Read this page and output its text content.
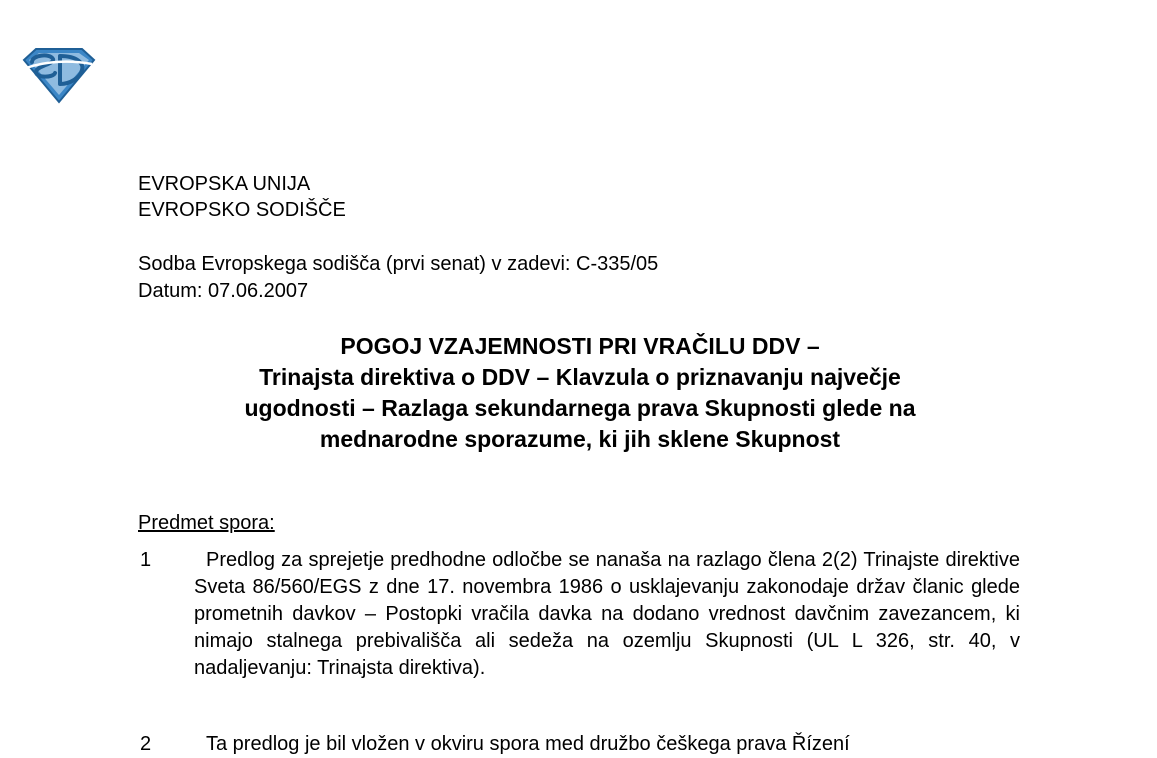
EVROPSKA UNIJA
EVROPSKO SODIŠČE
Sodba Evropskega sodišča (prvi senat) v zadevi: C-335/05
Datum: 07.06.2007
POGOJ VZAJEMNOSTI PRI VRAČILU DDV –
Trinajsta direktiva o DDV – Klavzula o priznavanju največje
ugodnosti – Razlaga sekundarnega prava Skupnosti glede na
mednarodne sporazume, ki jih sklene Skupnost
Predmet spora:
1	Predlog za sprejetje predhodne odločbe se nanaša na razlago člena 2(2) Trinajste direktive Sveta 86/560/EGS z dne 17. novembra 1986 o usklajevanju zakonodaje držav članic glede prometnih davkov – Postopki vračila davka na dodano vrednost davčnim zavezancem, ki nimajo stalnega prebivališča ali sedeža na ozemlju Skupnosti (UL L 326, str. 40, v nadaljevanju: Trinajsta direktiva).
2	Ta predlog je bil vložen v okviru spora med družbo češkega prava Řízení
